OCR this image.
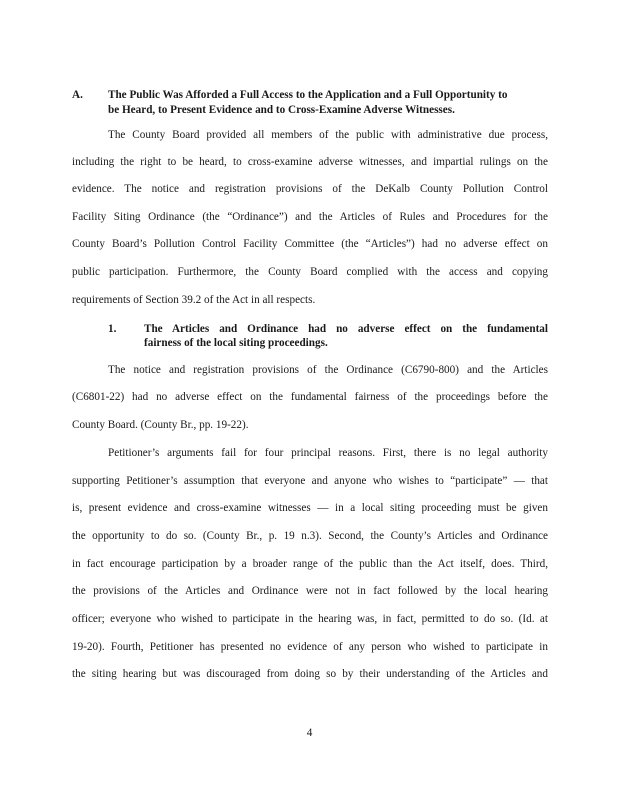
A. The Public Was Afforded a Full Access to the Application and a Full Opportunity to
be Heard, to Present Evidence and to Cross-Examine Adverse Witnesses.
The County Board provided all members of the public with administrative due process,
including the right to be heard, to cross-examine adverse witnesses, and impartial rulings on the
evidence. The notice and registration provisions of the DeKalb County Pollution Control
Facility Siting Ordinance (the “Ordinance”) and the Articles of Rules and Procedures for the
County Board’s Pollution Control Facility Committee (the “Articles”) had no adverse effect on
public participation. Furthermore, the County Board complied with the access and copying
requirements of Section 39.2 of the Act in all respects.
1. The Articles and Ordinance had no adverse effect on the fundamental
fairness of the local siting proceedings.
The notice and registration provisions of the Ordinance (C6790-800) and the Articles
(C6801-22) had no adverse effect on the fundamental fairness of the proceedings before the
County Board. (County Br., pp. 19-22).
Petitioner’s arguments fail for four principal reasons. First, there is no legal authority
supporting Petitioner’s assumption that everyone and anyone who wishes to “participate” — that
is, present evidence and cross-examine witnesses — in a local siting proceeding must be given
the opportunity to do so. (County Br., p. 19 n.3). Second, the County’s Articles and Ordinance
in fact encourage participation by a broader range of the public than the Act itself, does. Third,
the provisions of the Articles and Ordinance were not in fact followed by the local hearing
officer; everyone who wished to participate in the hearing was, in fact, permitted to do so. (Id. at
19-20). Fourth, Petitioner has presented no evidence of any person who wished to participate in
the siting hearing but was discouraged from doing so by their understanding of the Articles and
4
